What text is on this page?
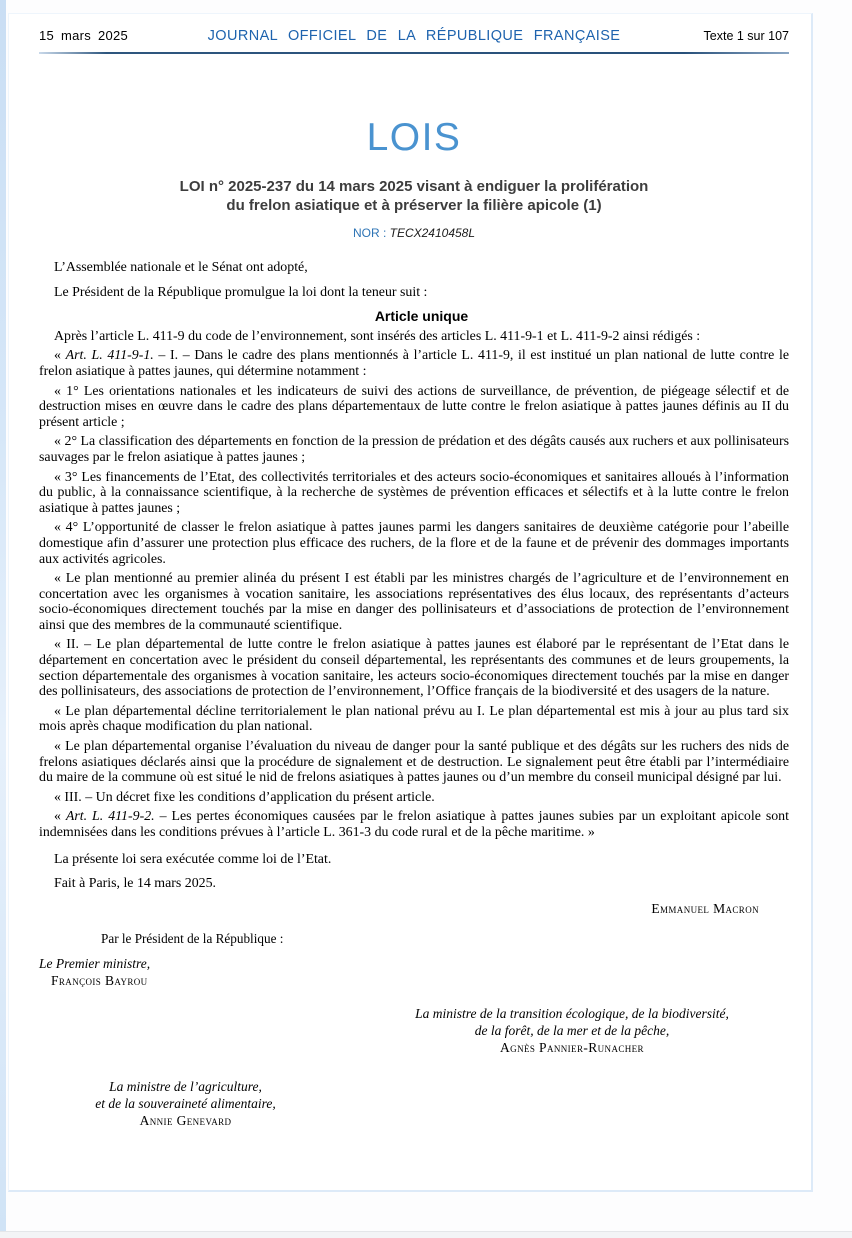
15 mars 2025	JOURNAL OFFICIEL DE LA RÉPUBLIQUE FRANÇAISE	Texte 1 sur 107
LOIS
LOI n° 2025-237 du 14 mars 2025 visant à endiguer la prolifération
du frelon asiatique et à préserver la filière apicole (1)
NOR : TECX2410458L

L’Assemblée nationale et le Sénat ont adopté,

Le Président de la République promulgue la loi dont la teneur suit :

Article unique

Après l’article L. 411-9 du code de l’environnement, sont insérés des articles L. 411-9-1 et L. 411-9-2 ainsi rédigés :

« Art. L. 411-9-1. – I. – Dans le cadre des plans mentionnés à l’article L. 411-9, il est institué un plan national de lutte contre le frelon asiatique à pattes jaunes, qui détermine notamment :

« 1° Les orientations nationales et les indicateurs de suivi des actions de surveillance, de prévention, de piégeage sélectif et de destruction mises en œuvre dans le cadre des plans départementaux de lutte contre le frelon asiatique à pattes jaunes définis au II du présent article ;

« 2° La classification des départements en fonction de la pression de prédation et des dégâts causés aux ruchers et aux pollinisateurs sauvages par le frelon asiatique à pattes jaunes ;

« 3° Les financements de l’Etat, des collectivités territoriales et des acteurs socio-économiques et sanitaires alloués à l’information du public, à la connaissance scientifique, à la recherche de systèmes de prévention efficaces et sélectifs et à la lutte contre le frelon asiatique à pattes jaunes ;

« 4° L’opportunité de classer le frelon asiatique à pattes jaunes parmi les dangers sanitaires de deuxième catégorie pour l’abeille domestique afin d’assurer une protection plus efficace des ruchers, de la flore et de la faune et de prévenir des dommages importants aux activités agricoles.

« Le plan mentionné au premier alinéa du présent I est établi par les ministres chargés de l’agriculture et de l’environnement en concertation avec les organismes à vocation sanitaire, les associations représentatives des élus locaux, des représentants d’acteurs socio-économiques directement touchés par la mise en danger des pollinisateurs et d’associations de protection de l’environnement ainsi que des membres de la communauté scientifique.

« II. – Le plan départemental de lutte contre le frelon asiatique à pattes jaunes est élaboré par le représentant de l’Etat dans le département en concertation avec le président du conseil départemental, les représentants des communes et de leurs groupements, la section départementale des organismes à vocation sanitaire, les acteurs socio-économiques directement touchés par la mise en danger des pollinisateurs, des associations de protection de l’environnement, l’Office français de la biodiversité et des usagers de la nature.

« Le plan départemental décline territorialement le plan national prévu au I. Le plan départemental est mis à jour au plus tard six mois après chaque modification du plan national.

« Le plan départemental organise l’évaluation du niveau de danger pour la santé publique et des dégâts sur les ruchers des nids de frelons asiatiques déclarés ainsi que la procédure de signalement et de destruction. Le signalement peut être établi par l’intermédiaire du maire de la commune où est situé le nid de frelons asiatiques à pattes jaunes ou d’un membre du conseil municipal désigné par lui.

« III. – Un décret fixe les conditions d’application du présent article.

« Art. L. 411-9-2. – Les pertes économiques causées par le frelon asiatique à pattes jaunes subies par un exploitant apicole sont indemnisées dans les conditions prévues à l’article L. 361-3 du code rural et de la pêche maritime. »

La présente loi sera exécutée comme loi de l’Etat.

Fait à Paris, le 14 mars 2025.

Emmanuel Macron
Par le Président de la République :
Le Premier ministre,
François Bayrou
La ministre de la transition écologique, de la biodiversité,
de la forêt, de la mer et de la pêche,
Agnès Pannier-Runacher
La ministre de l’agriculture,
et de la souveraineté alimentaire,
Annie Genevard
